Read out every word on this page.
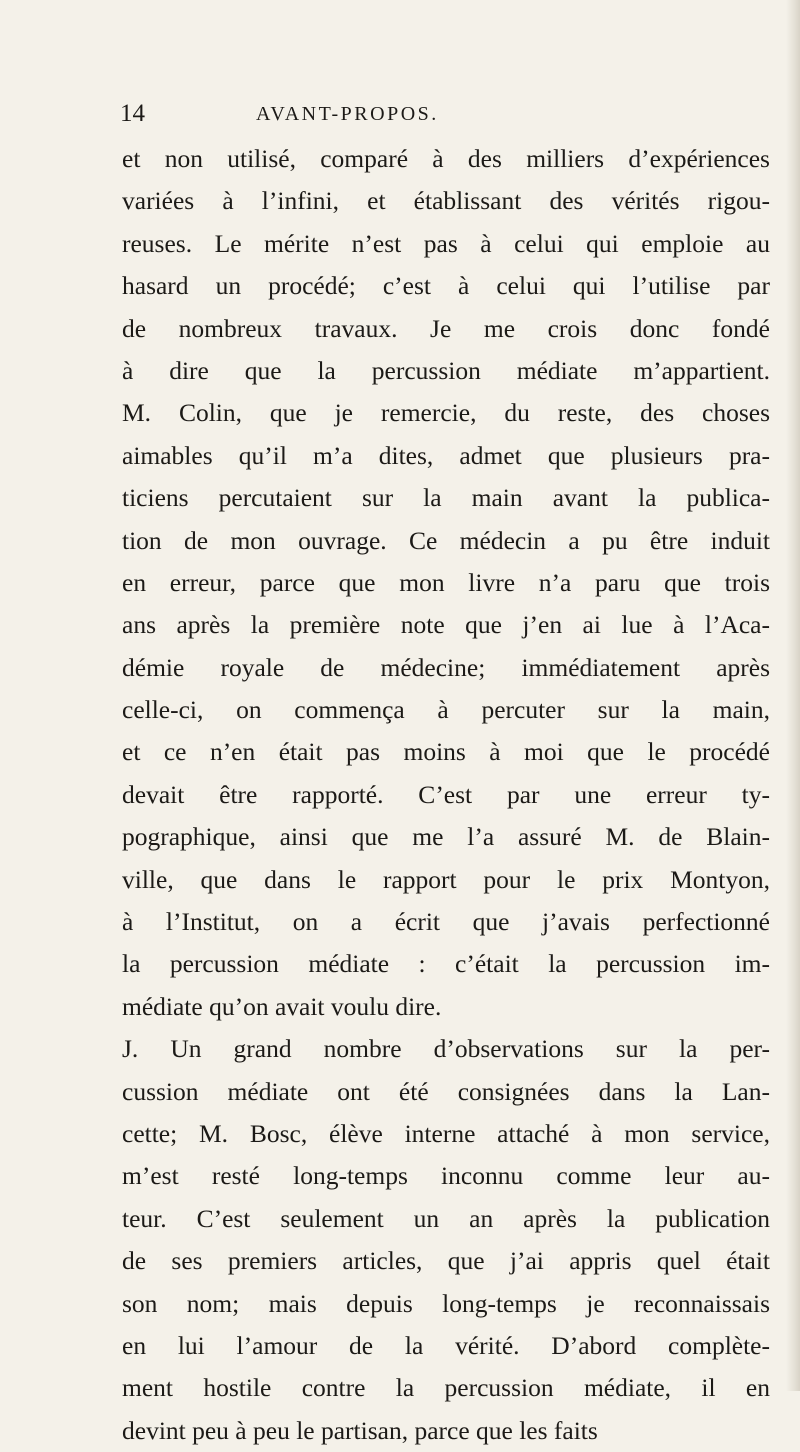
14	AVANT-PROPOS.
et non utilisé, comparé à des milliers d’expériences
variées à l’infini, et établissant des vérités rigou-
reuses. Le mérite n’est pas à celui qui emploie au
hasard un procédé; c’est à celui qui l’utilise par
de nombreux travaux. Je me crois donc fondé
à dire que la percussion médiate m’appartient.
M. Colin, que je remercie, du reste, des choses
aimables qu’il m’a dites, admet que plusieurs pra-
ticiens percutaient sur la main avant la publica-
tion de mon ouvrage. Ce médecin a pu être induit
en erreur, parce que mon livre n’a paru que trois
ans après la première note que j’en ai lue à l’Aca-
démie royale de médecine; immédiatement après
celle-ci, on commença à percuter sur la main,
et ce n’en était pas moins à moi que le procédé
devait être rapporté. C’est par une erreur ty-
pographique, ainsi que me l’a assuré M. de Blain-
ville, que dans le rapport pour le prix Montyon,
à l’Institut, on a écrit que j’avais perfectionné
la percussion médiate : c’était la percussion im-
médiate qu’on avait voulu dire.
J. Un grand nombre d’observations sur la per-
cussion médiate ont été consignées dans la Lan-
cette; M. Bosc, élève interne attaché à mon service,
m’est resté long-temps inconnu comme leur au-
teur. C’est seulement un an après la publication
de ses premiers articles, que j’ai appris quel était
son nom; mais depuis long-temps je reconnaissais
en lui l’amour de la vérité. D’abord complète-
ment hostile contre la percussion médiate, il en
devint peu à peu le partisan, parce que les faits
